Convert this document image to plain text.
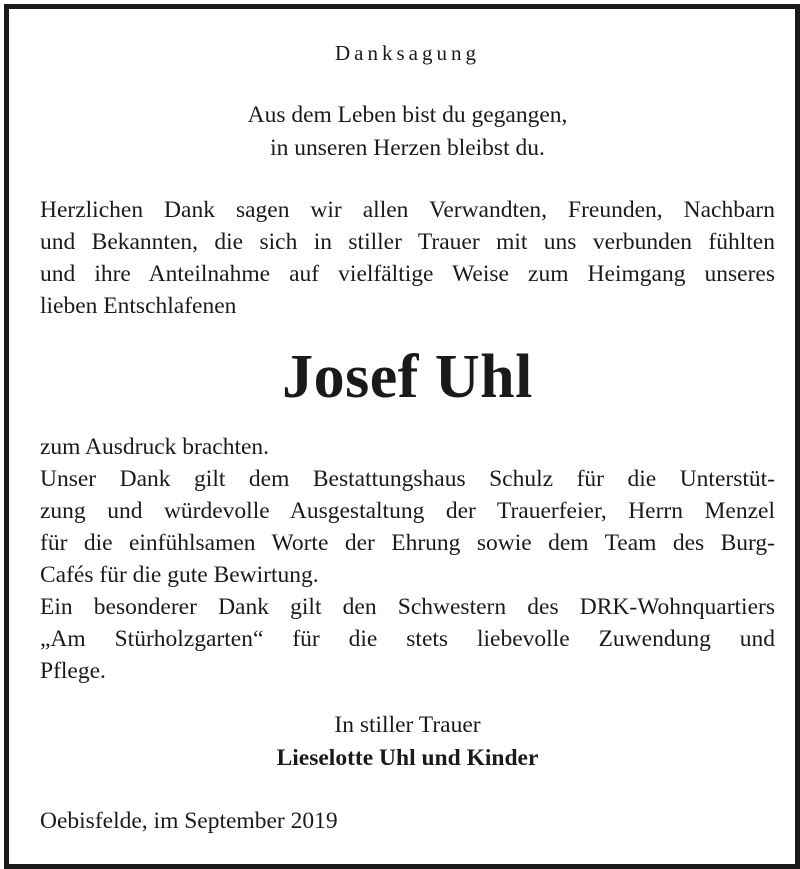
Danksagung
Aus dem Leben bist du gegangen,
in unseren Herzen bleibst du.

Herzlichen Dank sagen wir allen Verwandten, Freunden, Nachbarn

und Bekannten, die sich in stiller Trauer mit uns verbunden fühlten

und ihre Anteilnahme auf vielfältige Weise zum Heimgang unseres

lieben Entschlafenen

Josef Uhl

zum Ausdruck brachten.

Unser Dank gilt dem Bestattungshaus Schulz für die Unterstüt-

zung und würdevolle Ausgestaltung der Trauerfeier, Herrn Menzel

für die einfühlsamen Worte der Ehrung sowie dem Team des Burg-

Cafés für die gute Bewirtung.

Ein besonderer Dank gilt den Schwestern des DRK-Wohnquartiers

„Am Stürholzgarten“ für die stets liebevolle Zuwendung und

Pflege.

In stiller Trauer
Lieselotte Uhl und Kinder
Oebisfelde, im September 2019
